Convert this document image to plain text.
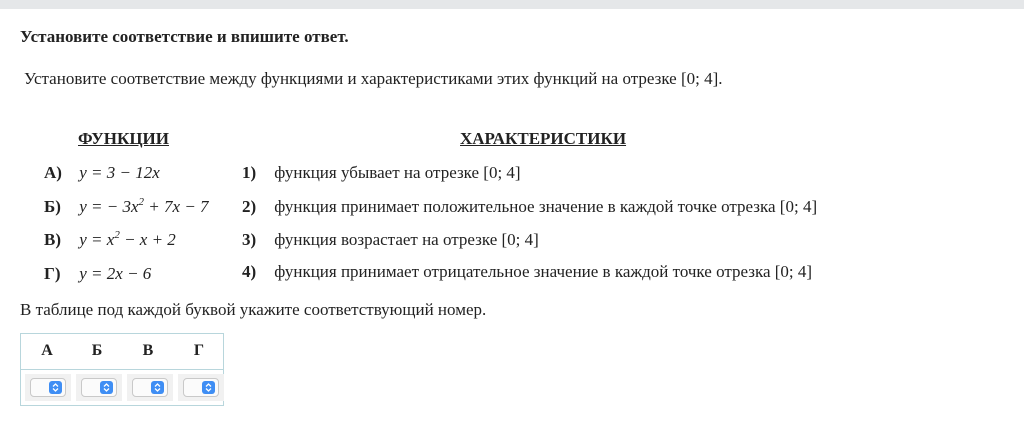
Установите соответствие и впишите ответ.
Установите соответствие между функциями и характеристиками этих функций на отрезке [0; 4].
ФУНКЦИИ	ХАРАКТЕРИСТИКИ
А) y = 3 − 12x
Б) y = − $3x^2 + 7x - 7$
В) $y = x^2 - x + 2$
Г) y = 2x − 6
1) функция убывает на отрезке [0; 4]
2) функция принимает положительное значение в каждой точке отрезка [0; 4]
3) функция возрастает на отрезке [0; 4]
4) функция принимает отрицательное значение в каждой точке отрезка [0; 4]
В таблице под каждой буквой укажите соответствующий номер.
А	Б	В	Г
